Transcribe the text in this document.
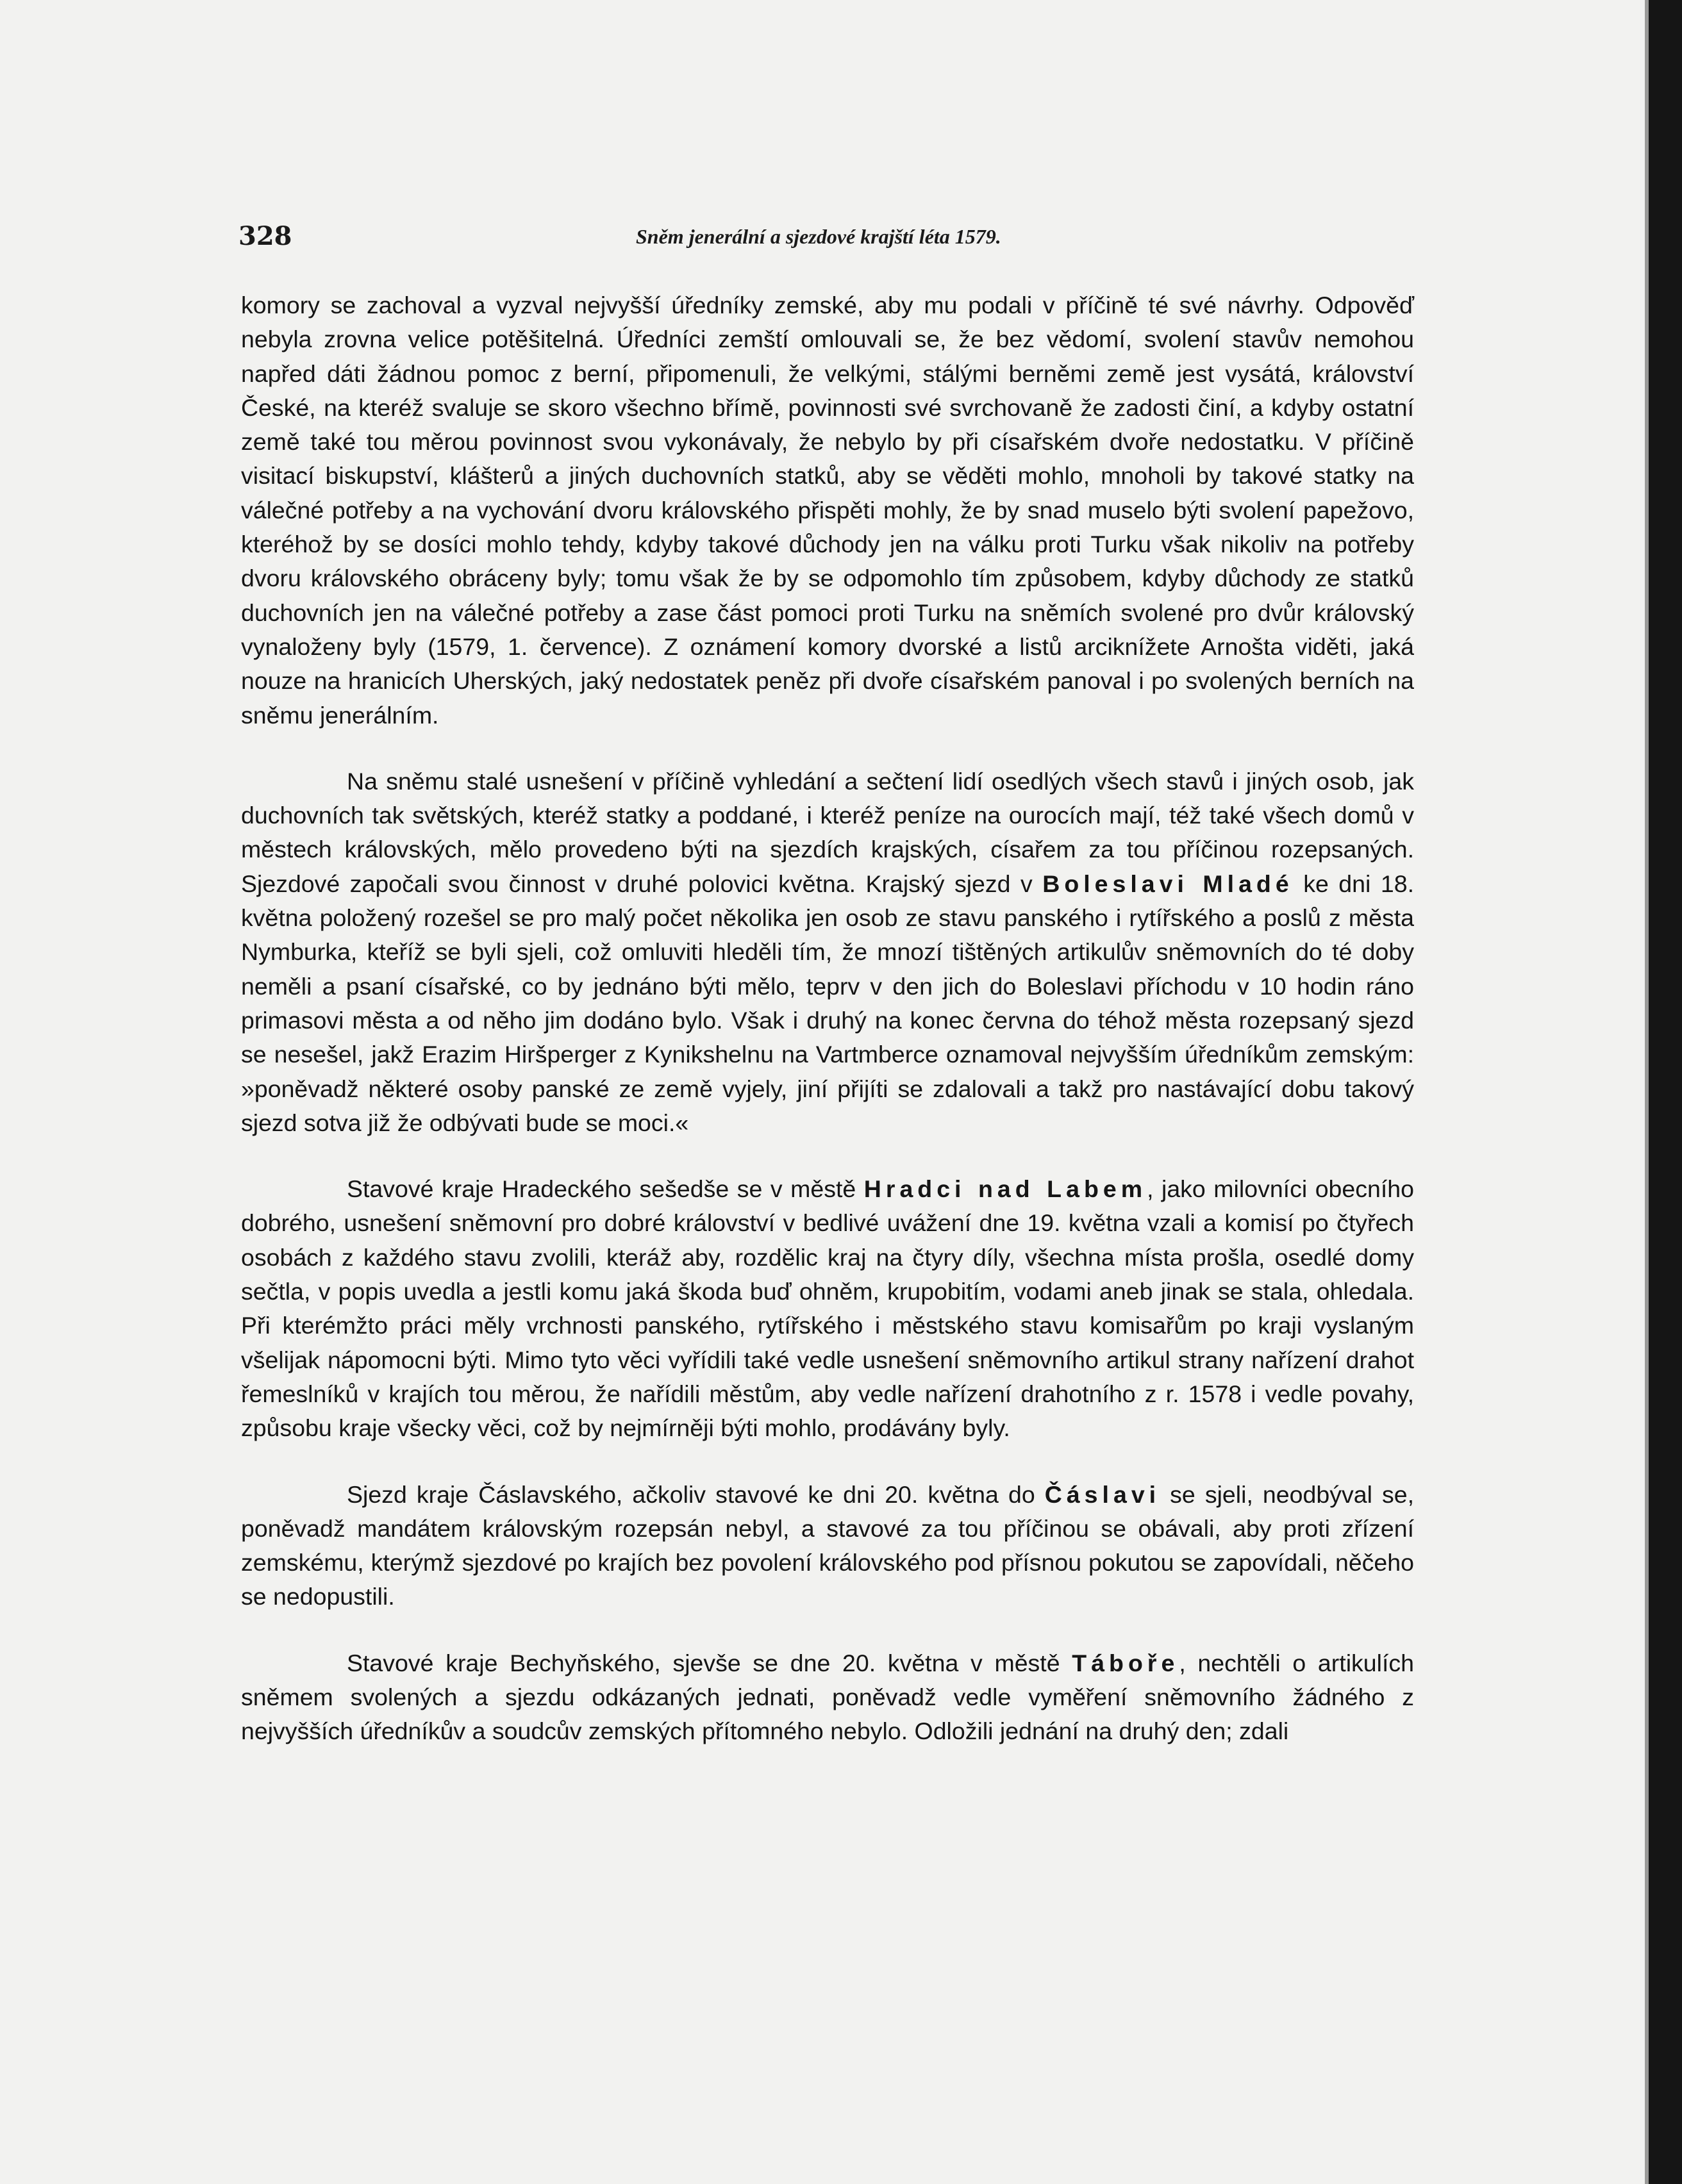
328	Sněm jenerální a sjezdové krajští léta 1579.

komory se zachoval a vyzval nejvyšší úředníky zemské, aby mu podali v příčině té své návrhy. Odpověď nebyla zrovna velice potěšitelná. Úředníci zemští omlouvali se, že bez vědomí, svolení stavův nemohou napřed dáti žádnou pomoc z berní, připomenuli, že velkými, stálými berněmi země jest vysátá, království České, na kteréž svaluje se skoro všechno břímě, povinnosti své svrchovaně že zadosti činí, a kdyby ostatní země také tou měrou povinnost svou vykonávaly, že nebylo by při císařském dvoře nedostatku. V příčině visitací biskupství, klášterů a jiných duchovních statků, aby se věděti mohlo, mnoholi by takové statky na válečné potřeby a na vychování dvoru královského přispěti mohly, že by snad muselo býti svolení papežovo, kteréhož by se dosíci mohlo tehdy, kdyby takové důchody jen na válku proti Turku však nikoliv na potřeby dvoru královského obráceny byly; tomu však že by se odpomohlo tím způsobem, kdyby důchody ze statků duchovních jen na válečné potřeby a zase část pomoci proti Turku na sněmích svolené pro dvůr královský vynaloženy byly (1579, 1. července). Z oznámení komory dvorské a listů arciknížete Arnošta viděti, jaká nouze na hranicích Uherských, jaký nedostatek peněz při dvoře císařském panoval i po svolených berních na sněmu jenerálním.

Na sněmu stalé usnešení v příčině vyhledání a sečtení lidí osedlých všech stavů i jiných osob, jak duchovních tak světských, kteréž statky a poddané, i kteréž peníze na ourocích mají, též také všech domů v městech královských, mělo provedeno býti na sjezdích krajských, císařem za tou příčinou rozepsaných. Sjezdové započali svou činnost v druhé polovici května. Krajský sjezd v Boleslavi Mladé ke dni 18. května položený rozešel se pro malý počet několika jen osob ze stavu panského i rytířského a poslů z města Nymburka, kteříž se byli sjeli, což omluviti hleděli tím, že mnozí tištěných artikulův sněmovních do té doby neměli a psaní císařské, co by jednáno býti mělo, teprv v den jich do Boleslavi příchodu v 10 hodin ráno primasovi města a od něho jim dodáno bylo. Však i druhý na konec června do téhož města rozepsaný sjezd se nesešel, jakž Erazim Hiršperger z Kynikshelnu na Vartmberce oznamoval nejvyšším úředníkům zemským: »poněvadž některé osoby panské ze země vyjely, jiní přijíti se zdalovali a takž pro nastávající dobu takový sjezd sotva již že odbývati bude se moci.«

Stavové kraje Hradeckého sešedše se v městě Hradci nad Labem, jako milovníci obecního dobrého, usnešení sněmovní pro dobré království v bedlivé uvážení dne 19. května vzali a komisí po čtyřech osobách z každého stavu zvolili, kteráž aby, rozdělic kraj na čtyry díly, všechna místa prošla, osedlé domy sečtla, v popis uvedla a jestli komu jaká škoda buď ohněm, krupobitím, vodami aneb jinak se stala, ohledala. Při kterémžto práci měly vrchnosti panského, rytířského i městského stavu komisařům po kraji vyslaným všelijak nápomocni býti. Mimo tyto věci vyřídili také vedle usnešení sněmovního artikul strany nařízení drahot řemeslníků v krajích tou měrou, že nařídili městům, aby vedle nařízení drahotního z r. 1578 i vedle povahy, způsobu kraje všecky věci, což by nejmírněji býti mohlo, prodávány byly.

Sjezd kraje Čáslavského, ačkoliv stavové ke dni 20. května do Čáslavi se sjeli, neodbýval se, poněvadž mandátem královským rozepsán nebyl, a stavové za tou příčinou se obávali, aby proti zřízení zemskému, kterýmž sjezdové po krajích bez povolení královského pod přísnou pokutou se zapovídali, něčeho se nedopustili.

Stavové kraje Bechyňského, sjevše se dne 20. května v městě Táboře, nechtěli o artikulích sněmem svolených a sjezdu odkázaných jednati, poněvadž vedle vyměření sněmovního žádného z nejvyšších úředníkův a soudcův zemských přítomného nebylo. Odložili jednání na druhý den; zdali
